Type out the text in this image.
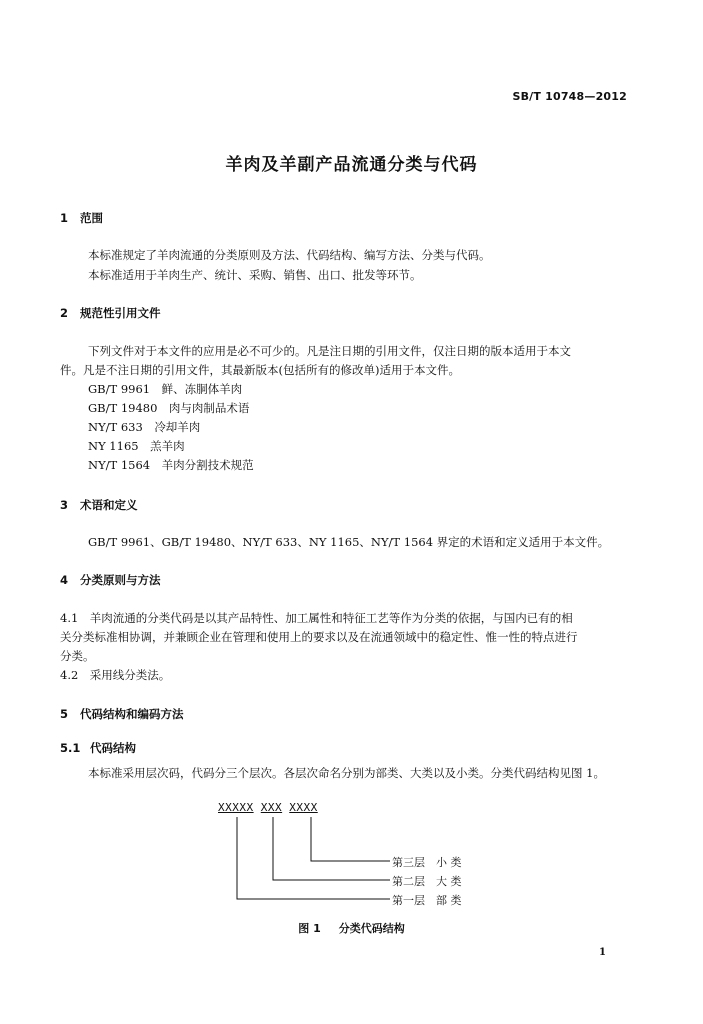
SB/T 10748—2012
羊肉及羊副产品流通分类与代码
1 范围
本标准规定了羊肉流通的分类原则及方法、代码结构、编写方法、分类与代码。
本标准适用于羊肉生产、统计、采购、销售、出口、批发等环节。
2 规范性引用文件
下列文件对于本文件的应用是必不可少的。凡是注日期的引用文件，仅注日期的版本适用于本文
件。凡是不注日期的引用文件，其最新版本(包括所有的修改单)适用于本文件。
GB/T 9961　 鲜、冻胴体羊肉
GB/T 19480　 肉与肉制品术语
NY/T 633　 冷却羊肉
NY 1165　 羔羊肉
NY/T 1564　 羊肉分割技术规范
3 术语和定义
GB/T 9961、GB/T 19480、NY/T 633、NY 1165、NY/T 1564 界定的术语和定义适用于本文件。
4 分类原则与方法
4.1　羊肉流通的分类代码是以其产品特性、加工属性和特征工艺等作为分类的依据，与国内已有的相
关分类标准相协调，并兼顾企业在管理和使用上的要求以及在流通领域中的稳定性、惟一性的特点进行
分类。
4.2　采用线分类法。
5 代码结构和编码方法
5.1 代码结构
本标准采用层次码，代码分三个层次。各层次命名分别为部类、大类以及小类。分类代码结构见图 1。
XXXXX XXX XXXX
第三层　小 类
第二层　大 类
第一层　部 类
图 1 分类代码结构
1
